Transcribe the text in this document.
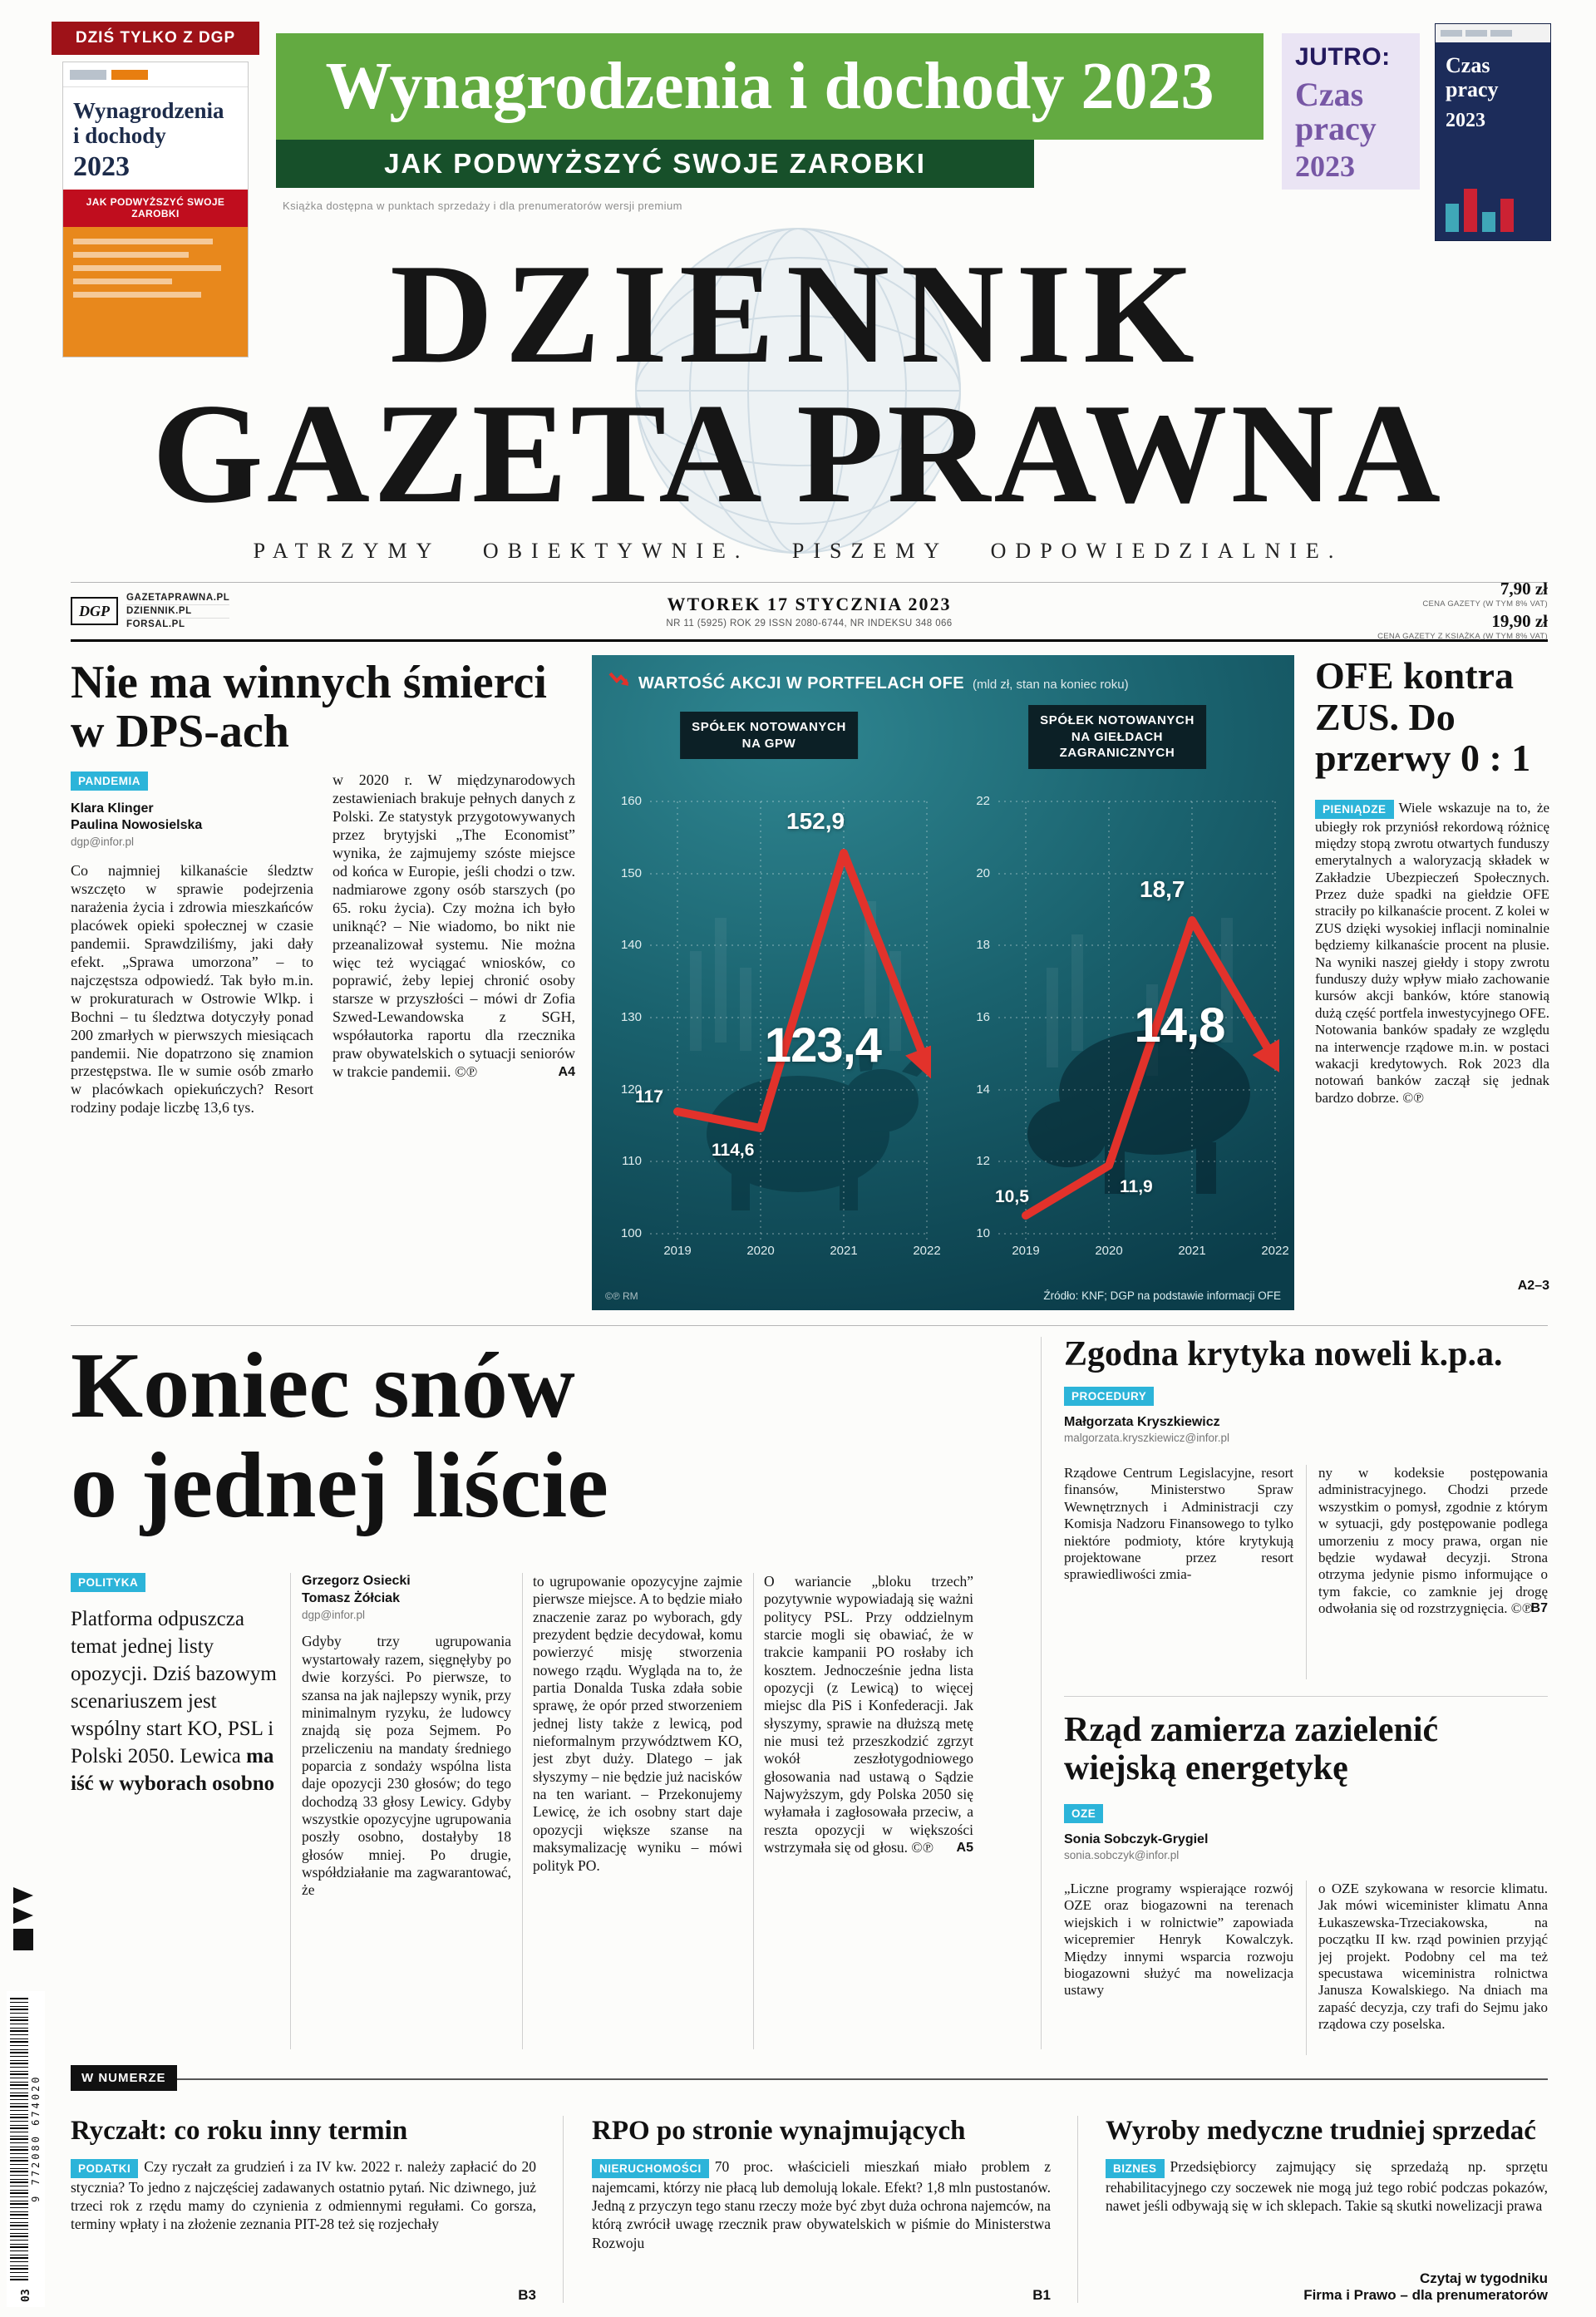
DZIŚ TYLKO Z DGP
Wynagrodzenia
i dochody
2023
JAK PODWYŻSZYĆ SWOJE ZAROBKI
Wynagrodzenia i dochody 2023
JAK PODWYŻSZYĆ SWOJE ZAROBKI
Książka dostępna w punktach sprzedaży i dla prenumeratorów wersji premium
JUTRO:
Czas
pracy
2023
Czas
pracy
2023
DZIENNIK
GAZETA PRAWNA
PATRZYMY OBIEKTYWNIE. PISZEMY ODPOWIEDZIALNIE.
DGP
GAZETAPRAWNA.PL
DZIENNIK.PL
FORSAL.PL
WTOREK 17 STYCZNIA 2023
NR 11 (5925) ROK 29 ISSN 2080-6744, NR INDEKSU 348 066
7,90 zł
CENA GAZETY (W TYM 8% VAT)
19,90 zł
CENA GAZETY Z KSIĄŻKĄ (W TYM 8% VAT)
Nie ma winnych śmierci w DPS-ach
PANDEMIA
Klara Klinger
Paulina Nowosielska
dgp@infor.pl

Co najmniej kilkanaście śledztw wszczęto w sprawie podejrzenia narażenia życia i zdrowia mieszkańców placówek opieki społecznej w czasie pandemii. Sprawdziliśmy, jaki dały efekt. „Sprawa umorzona” – to najczęstsza odpowiedź. Tak było m.in. w prokuraturach w Ostrowie Wlkp. i Bochni – tu śledztwa dotyczyły ponad 200 zmarłych w pierwszych miesiącach pandemii. Nie dopatrzono się znamion przestępstwa. Ile w sumie osób zmarło w placówkach opiekuńczych? Resort rodziny podaje liczbę 13,6 tys.

w 2020 r. W międzynarodowych zestawieniach brakuje pełnych danych z Polski. Ze statystyk przygotowywanych przez brytyjski „The Economist” wynika, że zajmujemy szóste miejsce od końca w Europie, jeśli chodzi o tzw. nadmiarowe zgony osób starszych (po 65. roku życia). Czy można ich było uniknąć? – Nie wiadomo, bo nikt nie przeanalizował systemu. Nie można więc też wyciągać wniosków, co poprawić, żeby lepiej chronić osoby starsze w przyszłości – mówi dr Zofia Szwed-Lewandowska z SGH, współautorka raportu dla rzecznika praw obywatelskich o sytuacji seniorów w trakcie pandemii. ©℗	A4
WARTOŚĆ AKCJI W PORTFELACH OFE (mld zł, stan na koniec roku)
SPÓŁEK NOTOWANYCH
NA GPW
160
150
140
130
120
110
100
2019	2020	2021	2022
117
114,6
152,9
123,4
SPÓŁEK NOTOWANYCH
NA GIEŁDACH
ZAGRANICZNYCH
22
20
18
16
14
12
10
2019	2020	2021	2022
10,5
11,9
18,7
14,8
©℗ RM	Źródło: KNF; DGP na podstawie informacji OFE
OFE kontra ZUS. Do przerwy 0 : 1

PIENIĄDZE Wiele wskazuje na to, że ubiegły rok przyniósł rekordową różnicę między stopą zwrotu otwartych funduszy emerytalnych a waloryzacją składek w Zakładzie Ubezpieczeń Społecznych. Przez duże spadki na giełdzie OFE straciły po kilkanaście procent. Z kolei w ZUS dzięki wysokiej inflacji nominalnie będziemy kilkanaście procent na plusie. Na wyniki naszej giełdy i stopy zwrotu funduszy duży wpływ miało zachowanie kursów akcji banków, które stanowią dużą część portfela inwestycyjnego OFE. Notowania banków spadały ze względu na interwencje rządowe m.in. w postaci wakacji kredytowych. Rok 2023 dla notowań banków zaczął się jednak bardzo dobrze. ©℗

A2–3
Koniec snów
o jednej liście
POLITYKA
Platforma odpuszcza temat jednej listy opozycji. Dziś bazowym scenariuszem jest wspólny start KO, PSL i Polski 2050. Lewica ma iść w wyborach osobno
Grzegorz Osiecki
Tomasz Żółciak
dgp@infor.pl

Gdyby trzy ugrupowania wystartowały razem, sięgnęłyby po dwie korzyści. Po pierwsze, to szansa na jak najlepszy wynik, przy minimalnym ryzyku, że ludowcy znajdą się poza Sejmem. Po przeliczeniu na mandaty średniego poparcia z sondaży wspólna lista daje opozycji 230 głosów; do tego dochodzą 33 głosy Lewicy. Gdyby wszystkie opozycyjne ugrupowania poszły osobno, dostałyby 18 głosów mniej. Po drugie, współdziałanie ma zagwarantować, że

to ugrupowanie opozycyjne zajmie pierwsze miejsce. A to będzie miało znaczenie zaraz po wyborach, gdy prezydent będzie decydował, komu powierzyć misję stworzenia nowego rządu. Wygląda na to, że partia Donalda Tuska zdała sobie sprawę, że opór przed stworzeniem jednej listy także z lewicą, pod nieformalnym przywództwem KO, jest zbyt duży. Dlatego – jak słyszymy – nie będzie już nacisków na ten wariant. – Przekonujemy Lewicę, że ich osobny start daje opozycji większe szanse na maksymalizację wyniku – mówi polityk PO.

O wariancie „bloku trzech” pozytywnie wypowiadają się ważni politycy PSL. Przy oddzielnym starcie mogli się obawiać, że w trakcie kampanii PO rosłaby ich kosztem. Jednocześnie jedna lista opozycji (z Lewicą) to więcej miejsc dla PiS i Konfederacji. Jak słyszymy, sprawie na dłuższą metę nie musi też przeszkodzić zgrzyt wokół zeszłotygodniowego głosowania nad ustawą o Sądzie Najwyższym, gdy Polska 2050 się wyłamała i zagłosowała przeciw, a reszta opozycji w większości wstrzymała się od głosu. ©℗	A5
Zgodna krytyka noweli k.p.a.
PROCEDURY
Małgorzata Kryszkiewicz
malgorzata.kryszkiewicz@infor.pl

Rządowe Centrum Legislacyjne, resort finansów, Ministerstwo Spraw Wewnętrznych i Administracji czy Komisja Nadzoru Finansowego to tylko niektóre podmioty, które krytykują projektowane przez resort sprawiedliwości zmia-

ny w kodeksie postępowania administracyjnego. Chodzi przede wszystkim o pomysł, zgodnie z którym w sytuacji, gdy postępowanie podlega umorzeniu z mocy prawa, organ nie będzie wydawał decyzji. Strona otrzyma jedynie pismo informujące o tym fakcie, co zamknie jej drogę odwołania się od rozstrzygnięcia. ©℗

B7
Rząd zamierza zazielenić
wiejską energetykę
OZE
Sonia Sobczyk-Grygiel
sonia.sobczyk@infor.pl

„Liczne programy wspierające rozwój OZE oraz biogazowni na terenach wiejskich i w rolnictwie” zapowiada wicepremier Henryk Kowalczyk. Między innymi wsparcia rozwoju biogazowni służyć ma nowelizacja ustawy

o OZE szykowana w resorcie klimatu. Jak mówi wiceminister klimatu Anna Łukaszewska-Trzeciakowska, na początku II kw. rząd powinien przyjąć jej projekt. Podobny cel ma też specustawa wiceministra rolnictwa Janusza Kowalskiego. Na dniach ma zapaść decyzja, czy trafi do Sejmu jako rządowa czy poselska.

W NUMERZE
Ryczałt: co roku inny termin

PODATKI Czy ryczałt za grudzień i za IV kw. 2022 r. należy zapłacić do 20 stycznia? To jedno z najczęściej zadawanych ostatnio pytań. Nic dziwnego, już trzeci rok z rzędu mamy do czynienia z odmiennymi regułami. Co gorsza, terminy wpłaty i na złożenie zeznania PIT-28 też się rozjechały

B3
RPO po stronie wynajmujących

NIERUCHOMOŚCI 70 proc. właścicieli mieszkań miało problem z najemcami, którzy nie płacą lub demolują lokale. Efekt? 1,8 mln pustostanów. Jedną z przyczyn tego stanu rzeczy może być zbyt duża ochrona najemców, na którą zwrócił uwagę rzecznik praw obywatelskich w piśmie do Ministerstwa Rozwoju

B1
Wyroby medyczne trudniej sprzedać

BIZNES Przedsiębiorcy zajmujący się sprzedażą np. sprzętu rehabilitacyjnego czy soczewek nie mogą już tego robić podczas pokazów, nawet jeśli odbywają się w ich sklepach. Takie są skutki nowelizacji prawa

Czytaj w tygodniku
Firma i Prawo – dla prenumeratorów
03
9 772080 674020
